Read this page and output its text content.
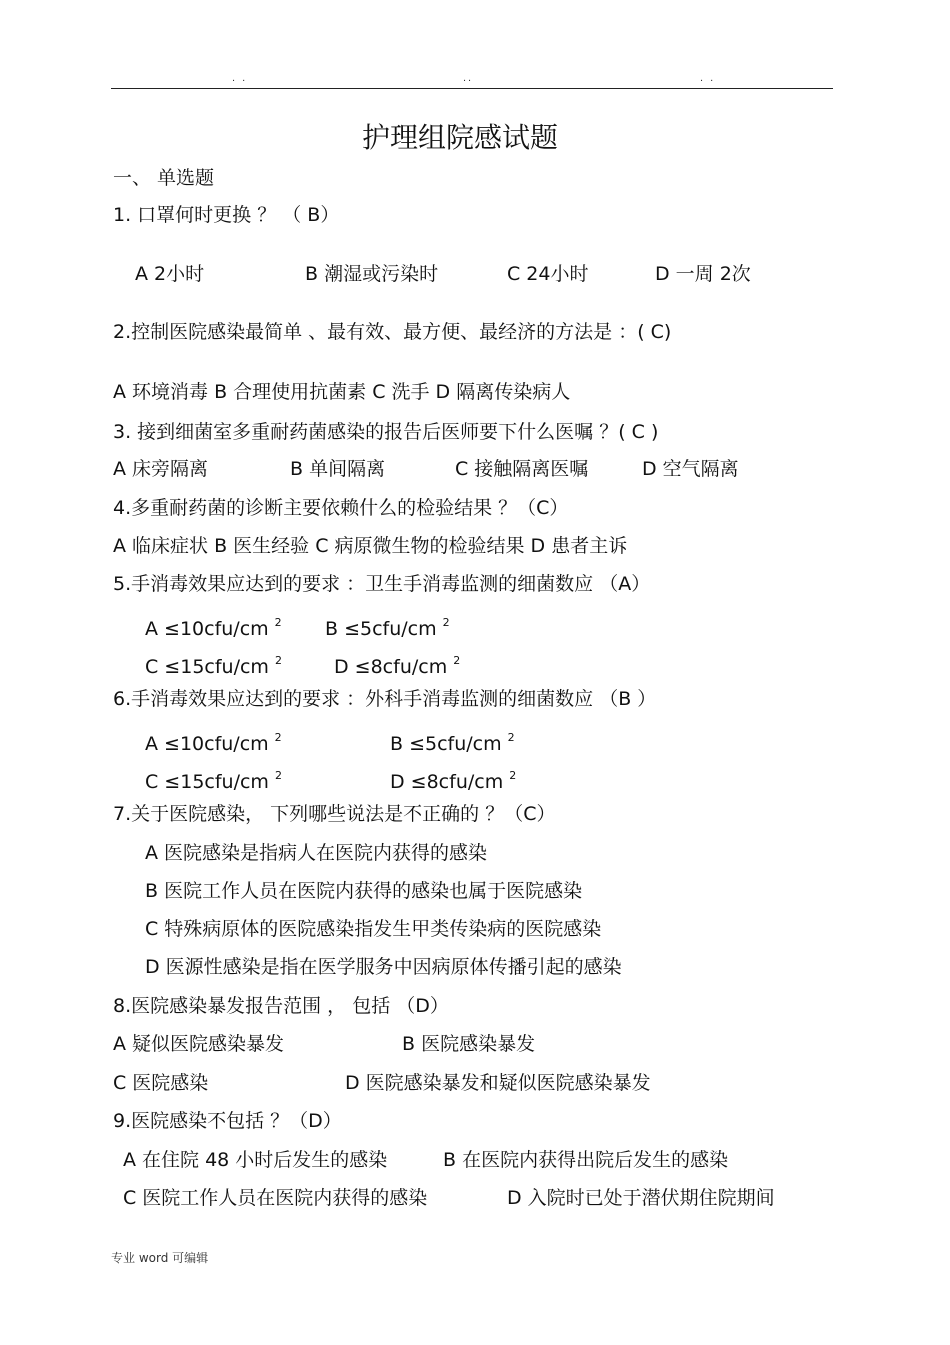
. .	..	. .
护理组院感试题
一、 单选题
1. 口罩何时更换 ？ （ B）
A 2小时	B 潮湿或污染时	C 24小时	D 一周 2次
2.控制医院感染最简单 、最有效、最方便、最经济的方法是 ：( C)
A 环境消毒 B 合理使用抗菌素 C 洗手 D 隔离传染病人
3. 接到细菌室多重耐药菌感染的报告后医师要下什么医嘱 ？( C )
A 床旁隔离	B 单间隔离	C 接触隔离医嘱	D 空气隔离
4.多重耐药菌的诊断主要依赖什么的检验结果 ？（C）
A 临床症状 B 医生经验 C 病原微生物的检验结果 D 患者主诉
5.手消毒效果应达到的要求 ：卫生手消毒监测的细菌数应 （A）
A ≤10cfu/cm $^2$ B ≤5cfu/cm $^2$
C ≤15cfu/cm $^2$	D ≤8cfu/cm $^2$
6.手消毒效果应达到的要求 ：外科手消毒监测的细菌数应 （B ）
A ≤10cfu/cm $^2$	B ≤5cfu/cm $^2$
C ≤15cfu/cm $^2$	D ≤8cfu/cm $^2$
7.关于医院感染， 下列哪些说法是不正确的 ？（C）
A 医院感染是指病人在医院内获得的感染
B 医院工作人员在医院内获得的感染也属于医院感染
C 特殊病原体的医院感染指发生甲类传染病的医院感染
D 医源性感染是指在医学服务中因病原体传播引起的感染
8.医院感染暴发报告范围 ， 包括 （D）
A 疑似医院感染暴发	B 医院感染暴发
C 医院感染	D 医院感染暴发和疑似医院感染暴发
9.医院感染不包括 ？（D）
A 在住院 48 小时后发生的感染	B 在医院内获得出院后发生的感染
C 医院工作人员在医院内获得的感染	D 入院时已处于潜伏期住院期间
专业 word 可编辑
